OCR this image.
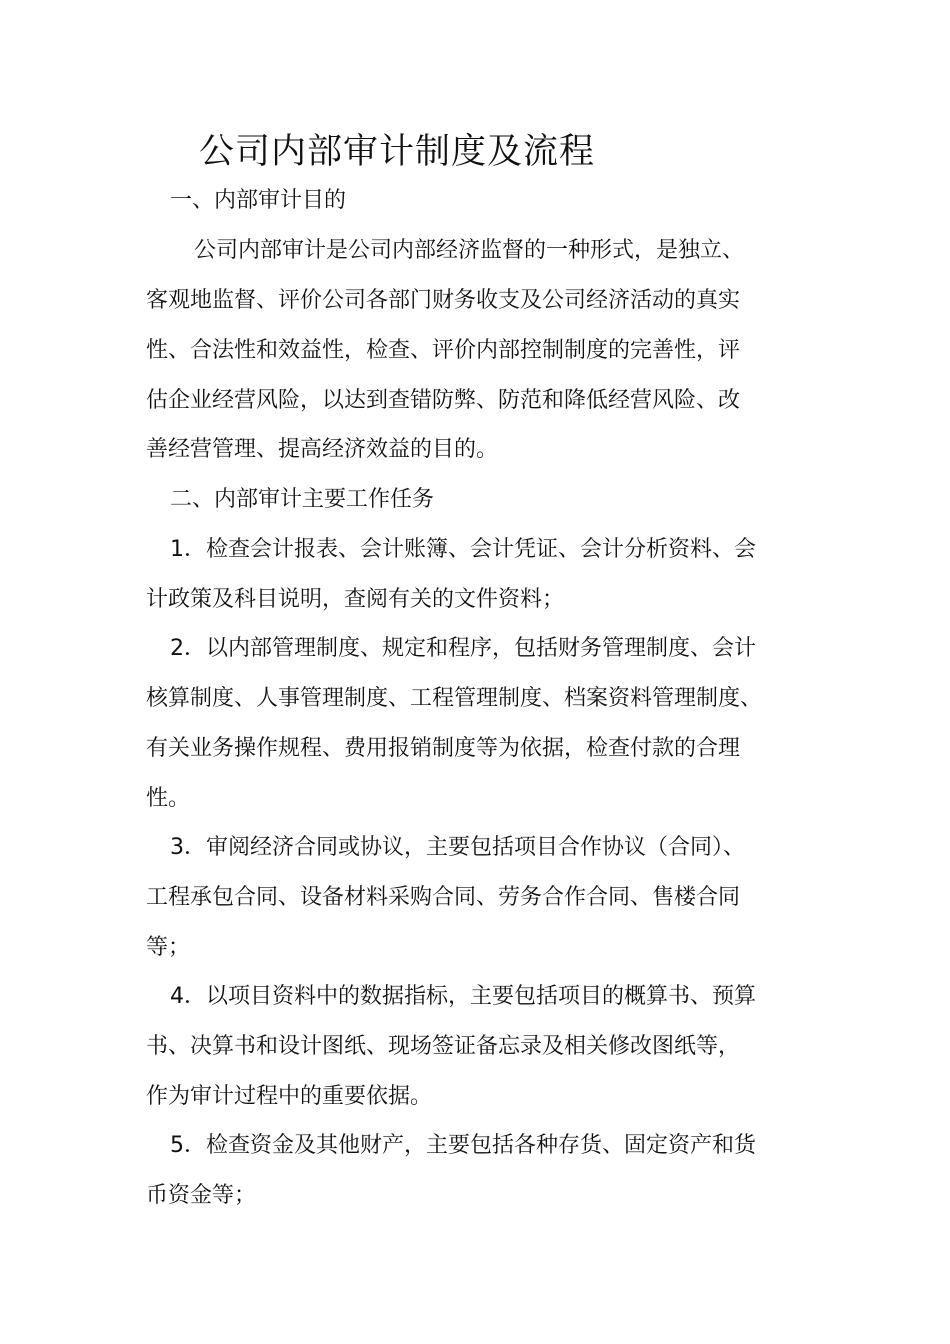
公司内部审计制度及流程
一、内部审计目的
公司内部审计是公司内部经济监督的一种形式，是独立、
客观地监督、评价公司各部门财务收支及公司经济活动的真实
性、合法性和效益性，检查、评价内部控制制度的完善性，评
估企业经营风险，以达到查错防弊、防范和降低经营风险、改
善经营管理、提高经济效益的目的。
二、内部审计主要工作任务
1．检查会计报表、会计账簿、会计凭证、会计分析资料、会
计政策及科目说明，查阅有关的文件资料；
2．以内部管理制度、规定和程序，包括财务管理制度、会计
核算制度、人事管理制度、工程管理制度、档案资料管理制度、
有关业务操作规程、费用报销制度等为依据，检查付款的合理
性。
3．审阅经济合同或协议，主要包括项目合作协议（合同）、
工程承包合同、设备材料采购合同、劳务合作合同、售楼合同
等；
4．以项目资料中的数据指标，主要包括项目的概算书、预算
书、决算书和设计图纸、现场签证备忘录及相关修改图纸等，
作为审计过程中的重要依据。
5．检查资金及其他财产，主要包括各种存货、固定资产和货
币资金等；
